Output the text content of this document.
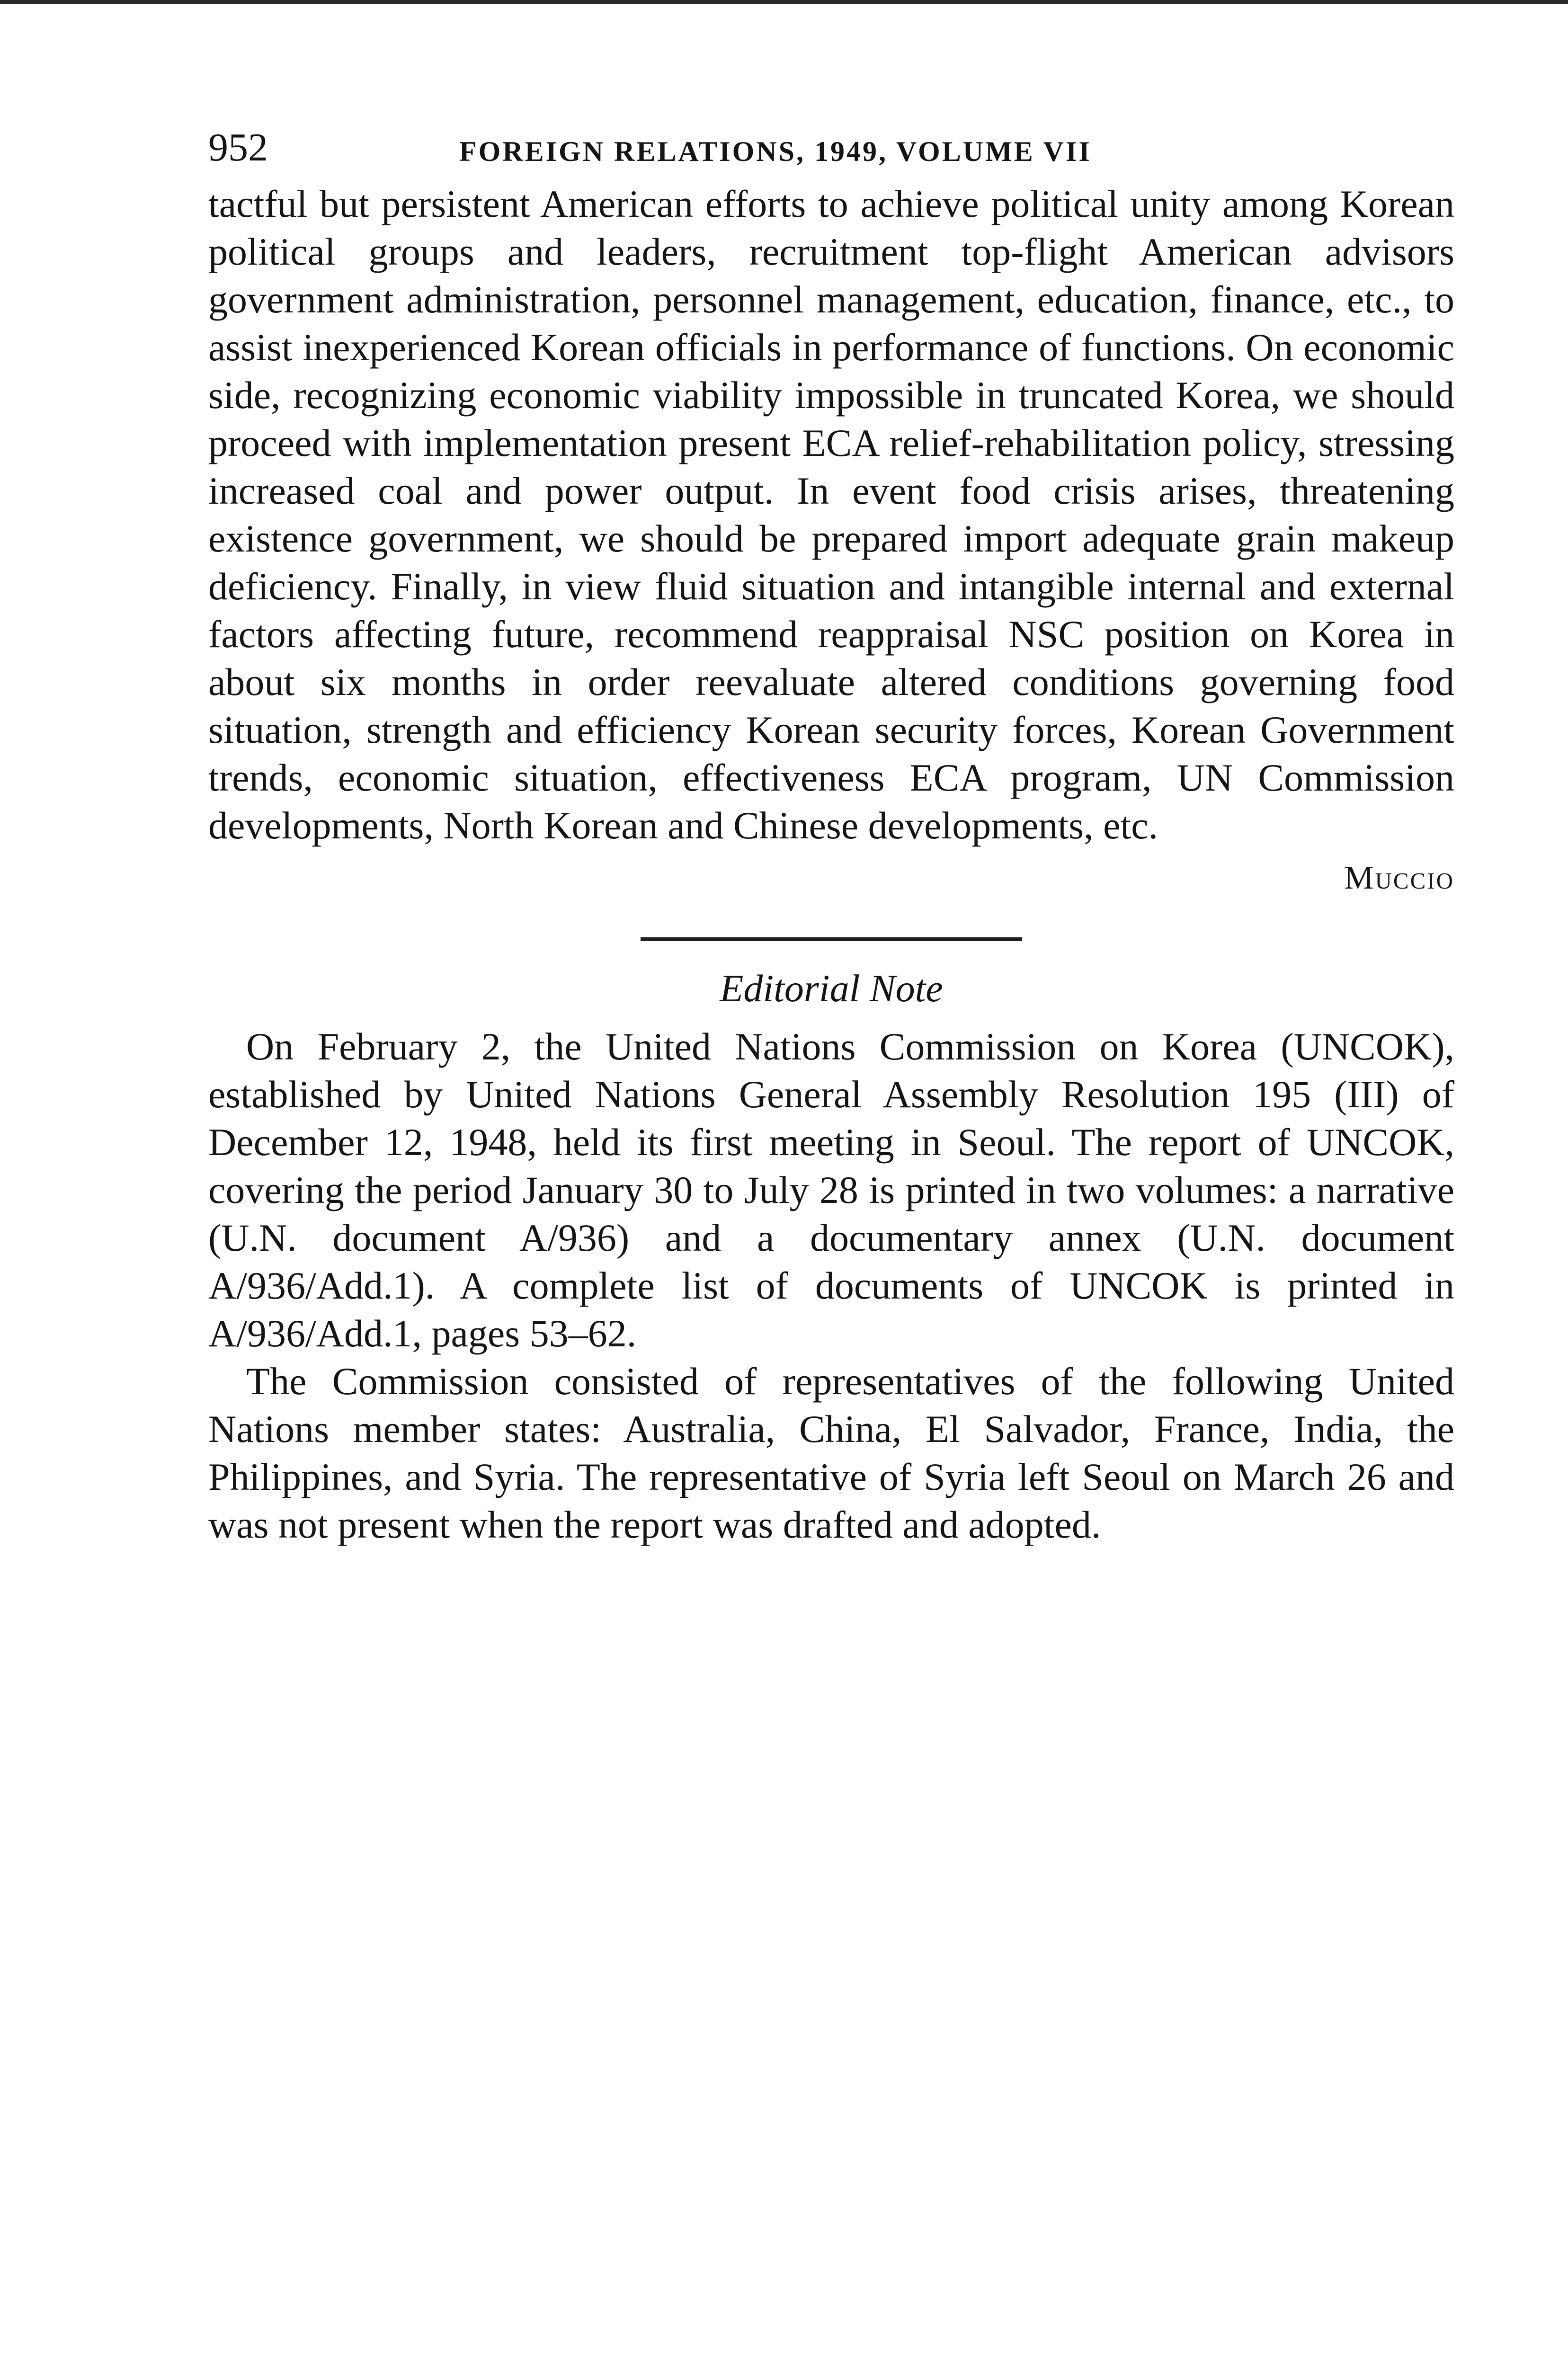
952	FOREIGN RELATIONS, 1949, VOLUME VII

tactful but persistent American efforts to achieve political unity among Korean political groups and leaders, recruitment top-flight American advisors government administration, personnel management, education, finance, etc., to assist inexperienced Korean officials in performance of functions. On economic side, recognizing economic viability impossible in truncated Korea, we should proceed with implementation present ECA relief-rehabilitation policy, stressing increased coal and power output. In event food crisis arises, threatening existence government, we should be prepared import adequate grain makeup deficiency. Finally, in view fluid situation and intangible internal and external factors affecting future, recommend reappraisal NSC position on Korea in about six months in order reevaluate altered conditions governing food situation, strength and efficiency Korean security forces, Korean Government trends, economic situation, effectiveness ECA program, UN Commission developments, North Korean and Chinese developments, etc.

Muccio
Editorial Note

On February 2, the United Nations Commission on Korea (UNCOK), established by United Nations General Assembly Resolution 195 (III) of December 12, 1948, held its first meeting in Seoul. The report of UNCOK, covering the period January 30 to July 28 is printed in two volumes: a narrative (U.N. document A/936) and a documentary annex (U.N. document A/936/Add.1). A complete list of documents of UNCOK is printed in A/936/Add.1, pages 53–62.

The Commission consisted of representatives of the following United Nations member states: Australia, China, El Salvador, France, India, the Philippines, and Syria. The representative of Syria left Seoul on March 26 and was not present when the report was drafted and adopted.
